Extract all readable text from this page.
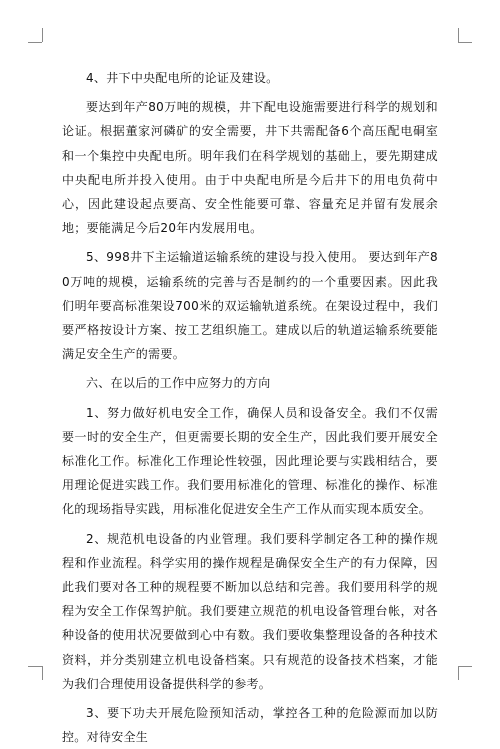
4、井下中央配电所的论证及建设。

要达到年产80万吨的规模，井下配电设施需要进行科学的规划和论证。根据董家河磷矿的安全需要，井下共需配备6个高压配电硐室和一个集控中央配电所。明年我们在科学规划的基础上，要先期建成中央配电所并投入使用。由于中央配电所是今后井下的用电负荷中心，因此建设起点要高、安全性能要可靠、容量充足并留有发展余地；要能满足今后20年内发展用电。

5、998井下主运输道运输系统的建设与投入使用。 要达到年产80万吨的规模，运输系统的完善与否是制约的一个重要因素。因此我们明年要高标准架设700米的双运输轨道系统。在架设过程中，我们要严格按设计方案、按工艺组织施工。建成以后的轨道运输系统要能满足安全生产的需要。

六、在以后的工作中应努力的方向

1、努力做好机电安全工作，确保人员和设备安全。我们不仅需要一时的安全生产，但更需要长期的安全生产，因此我们要开展安全标准化工作。标准化工作理论性较强，因此理论要与实践相结合，要用理论促进实践工作。我们要用标准化的管理、标准化的操作、标准化的现场指导实践，用标准化促进安全生产工作从而实现本质安全。

2、规范机电设备的内业管理。我们要科学制定各工种的操作规程和作业流程。科学实用的操作规程是确保安全生产的有力保障，因此我们要对各工种的规程要不断加以总结和完善。我们要用科学的规程为安全工作保驾护航。我们要建立规范的机电设备管理台帐，对各种设备的使用状况要做到心中有数。我们要收集整理设备的各种技术资料，并分类别建立机电设备档案。只有规范的设备技术档案，才能为我们合理使用设备提供科学的参考。

3、要下功夫开展危险预知活动，掌控各工种的危险源而加以防控。对待安全生
